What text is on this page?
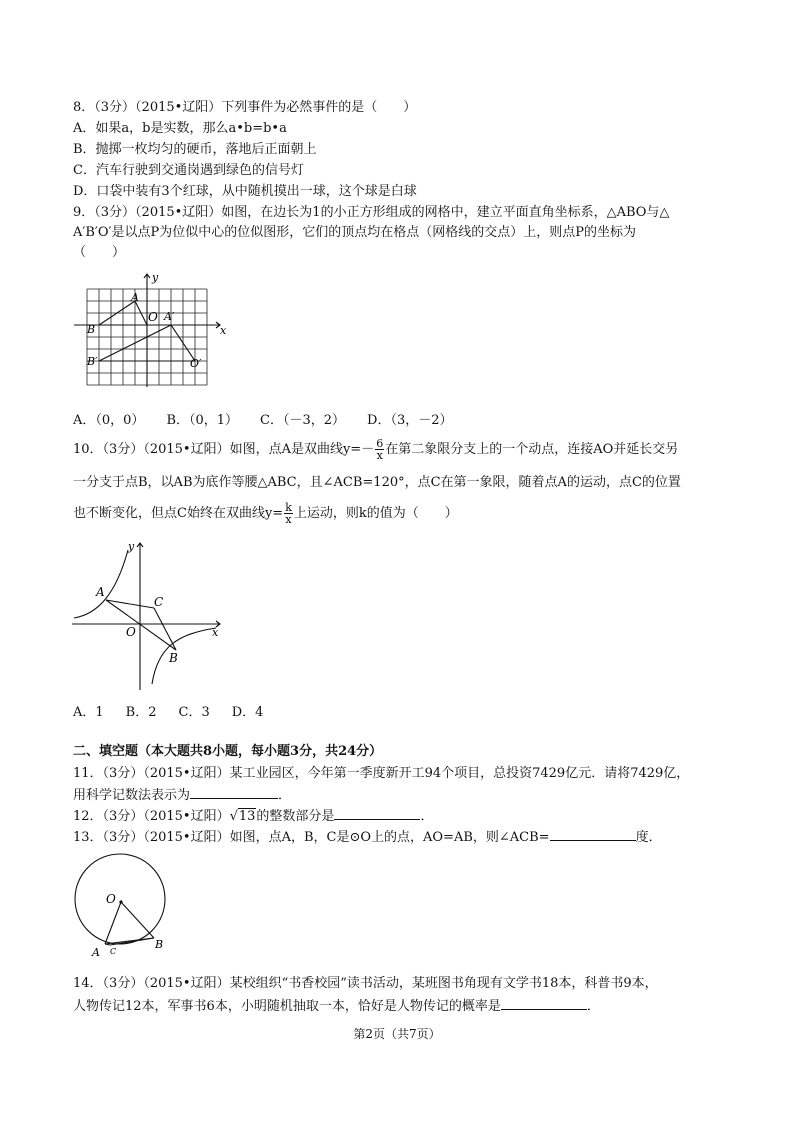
8．（3分）（2015•辽阳）下列事件为必然事件的是（　　）
A．如果a，b是实数，那么a•b=b•a
B．抛掷一枚均匀的硬币，落地后正面朝上
C．汽车行驶到交通岗遇到绿色的信号灯
D．口袋中装有3个红球，从中随机摸出一球，这个球是白球
9．（3分）（2015•辽阳）如图，在边长为1的小正方形组成的网格中，建立平面直角坐标系，△ABO与△
A′B′O′是以点P为位似中心的位似图形，它们的顶点均在格点（网格线的交点）上，则点P的坐标为
（　　）
y
x
A
O A′
B
B′	O′
A．（0，0） B．（0，1） C．（－3，2） D．（3，－2）
10．（3分）（2015•辽阳）如图，点A是双曲线$y=- \frac{6}{x}$ 在第二象限分支上的一个动点，连接AO并延长交另
一分支于点B，以AB为底作等腰△ABC，且∠ACB=120°，点C在第一象限，随着点A的运动，点C的位置
也不断变化，但点C始终在双曲线$y= \frac{k}{x}$ 上运动，则k的值为（　　）
y
x
A
C
O
B
A．1 B．2 C．3 D．4
二、填空题（本大题共8小题，每小题3分，共24分）
11．（3分）（2015•辽阳）某工业园区，今年第一季度新开工94个项目，总投资7429亿元．请将7429亿，
用科学记数法表示为	．
12．（3分）（2015•辽阳）√13的整数部分是	．
13．（3分）（2015•辽阳）如图，点A，B，C是⊙O上的点，AO=AB，则∠ACB=	度．
O
A
B
C
14．（3分）（2015•辽阳）某校组织“书香校园”读书活动，某班图书角现有文学书18本，科普书9本，
人物传记12本，军事书6本，小明随机抽取一本，恰好是人物传记的概率是	．
第2页（共7页）
